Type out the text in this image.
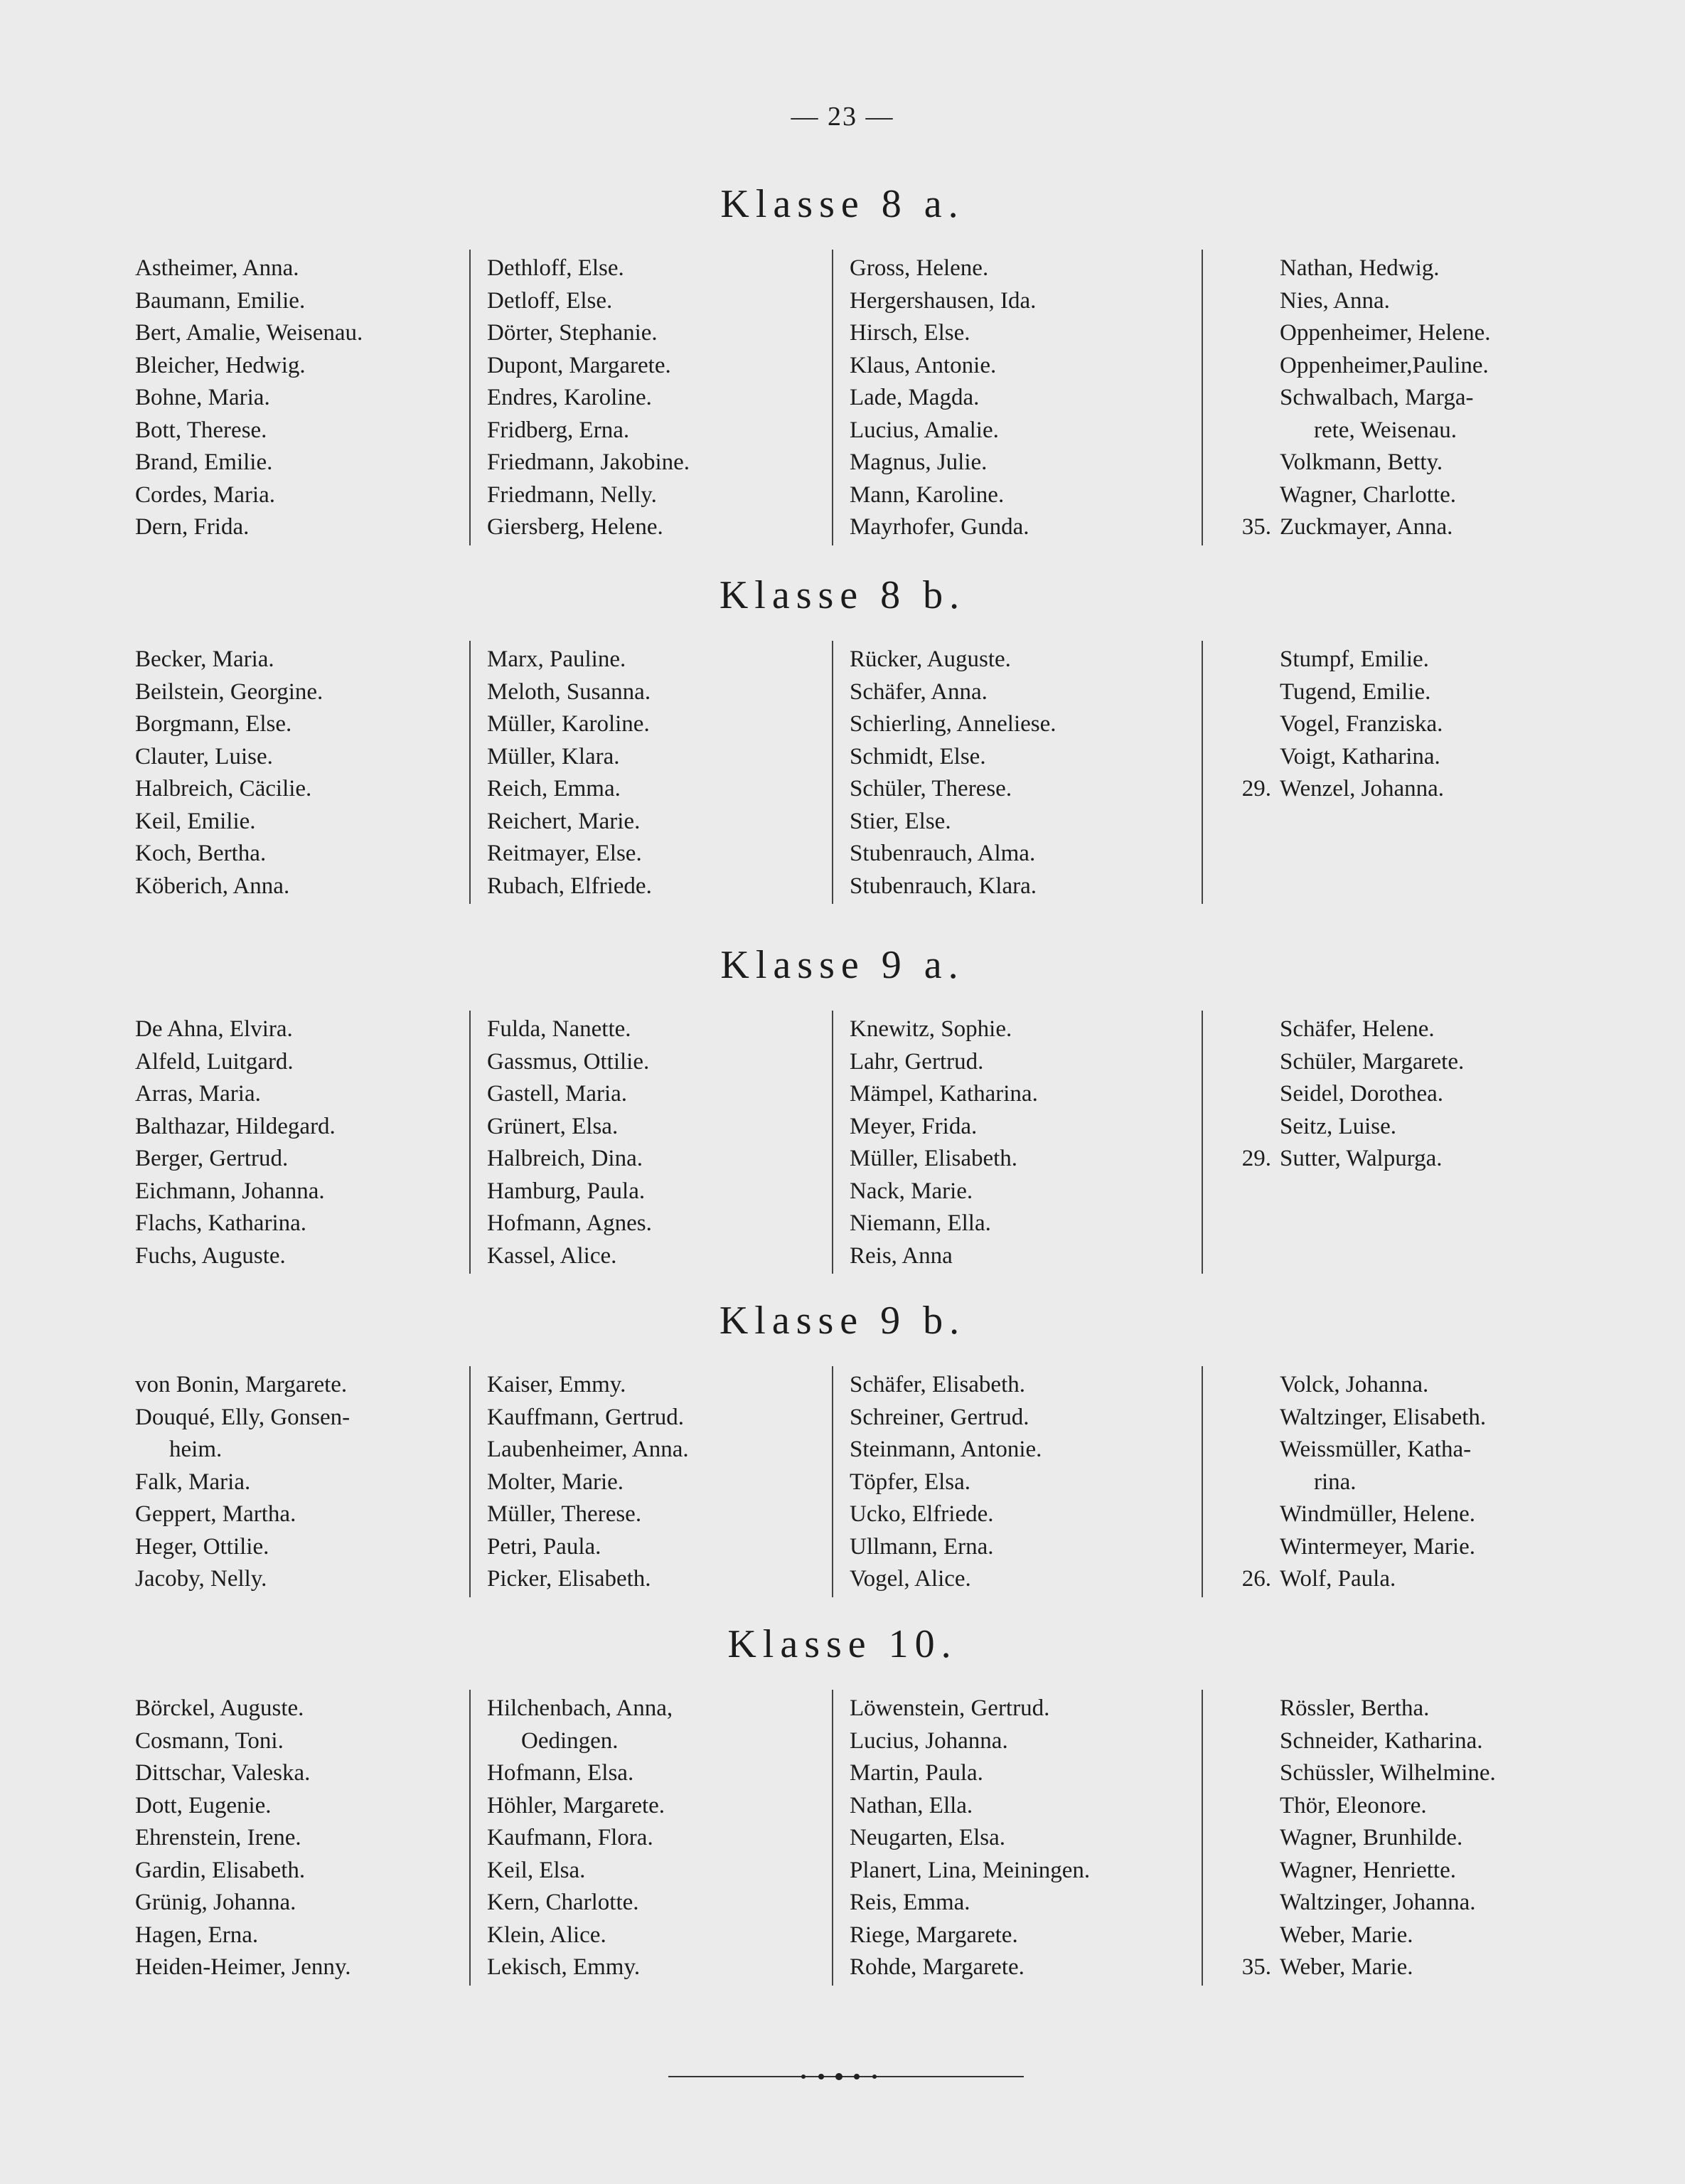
— 23 —
Klasse 8 a.
Astheimer, Anna.
Baumann, Emilie.
Bert, Amalie, Weisenau.
Bleicher, Hedwig.
Bohne, Maria.
Bott, Therese.
Brand, Emilie.
Cordes, Maria.
Dern, Frida.
Dethloff, Else.
Detloff, Else.
Dörter, Stephanie.
Dupont, Margarete.
Endres, Karoline.
Fridberg, Erna.
Friedmann, Jakobine.
Friedmann, Nelly.
Giersberg, Helene.
Gross, Helene.
Hergershausen, Ida.
Hirsch, Else.
Klaus, Antonie.
Lade, Magda.
Lucius, Amalie.
Magnus, Julie.
Mann, Karoline.
Mayrhofer, Gunda.
Nathan, Hedwig.
Nies, Anna.
Oppenheimer, Helene.
Oppenheimer,Pauline.
Schwalbach, Marga-
rete, Weisenau.
Volkmann, Betty.
Wagner, Charlotte.
35. Zuckmayer, Anna.
Klasse 8 b.
Becker, Maria.
Beilstein, Georgine.
Borgmann, Else.
Clauter, Luise.
Halbreich, Cäcilie.
Keil, Emilie.
Koch, Bertha.
Köberich, Anna.
Marx, Pauline.
Meloth, Susanna.
Müller, Karoline.
Müller, Klara.
Reich, Emma.
Reichert, Marie.
Reitmayer, Else.
Rubach, Elfriede.
Rücker, Auguste.
Schäfer, Anna.
Schierling, Anneliese.
Schmidt, Else.
Schüler, Therese.
Stier, Else.
Stubenrauch, Alma.
Stubenrauch, Klara.
Stumpf, Emilie.
Tugend, Emilie.
Vogel, Franziska.
Voigt, Katharina.
29. Wenzel, Johanna.
Klasse 9 a.
De Ahna, Elvira.
Alfeld, Luitgard.
Arras, Maria.
Balthazar, Hildegard.
Berger, Gertrud.
Eichmann, Johanna.
Flachs, Katharina.
Fuchs, Auguste.
Fulda, Nanette.
Gassmus, Ottilie.
Gastell, Maria.
Grünert, Elsa.
Halbreich, Dina.
Hamburg, Paula.
Hofmann, Agnes.
Kassel, Alice.
Knewitz, Sophie.
Lahr, Gertrud.
Mämpel, Katharina.
Meyer, Frida.
Müller, Elisabeth.
Nack, Marie.
Niemann, Ella.
Reis, Anna
Schäfer, Helene.
Schüler, Margarete.
Seidel, Dorothea.
Seitz, Luise.
29. Sutter, Walpurga.
Klasse 9 b.
von Bonin, Margarete.
Douqué, Elly, Gonsen-
heim.
Falk, Maria.
Geppert, Martha.
Heger, Ottilie.
Jacoby, Nelly.
Kaiser, Emmy.
Kauffmann, Gertrud.
Laubenheimer, Anna.
Molter, Marie.
Müller, Therese.
Petri, Paula.
Picker, Elisabeth.
Schäfer, Elisabeth.
Schreiner, Gertrud.
Steinmann, Antonie.
Töpfer, Elsa.
Ucko, Elfriede.
Ullmann, Erna.
Vogel, Alice.
Volck, Johanna.
Waltzinger, Elisabeth.
Weissmüller, Katha-
rina.
Windmüller, Helene.
Wintermeyer, Marie.
26. Wolf, Paula.
Klasse 10.
Börckel, Auguste.
Cosmann, Toni.
Dittschar, Valeska.
Dott, Eugenie.
Ehrenstein, Irene.
Gardin, Elisabeth.
Grünig, Johanna.
Hagen, Erna.
Heiden-Heimer, Jenny.
Hilchenbach, Anna,
Oedingen.
Hofmann, Elsa.
Höhler, Margarete.
Kaufmann, Flora.
Keil, Elsa.
Kern, Charlotte.
Klein, Alice.
Lekisch, Emmy.
Löwenstein, Gertrud.
Lucius, Johanna.
Martin, Paula.
Nathan, Ella.
Neugarten, Elsa.
Planert, Lina, Meiningen.
Reis, Emma.
Riege, Margarete.
Rohde, Margarete.
Rössler, Bertha.
Schneider, Katharina.
Schüssler, Wilhelmine.
Thör, Eleonore.
Wagner, Brunhilde.
Wagner, Henriette.
Waltzinger, Johanna.
Weber, Marie.
35. Weber, Marie.
